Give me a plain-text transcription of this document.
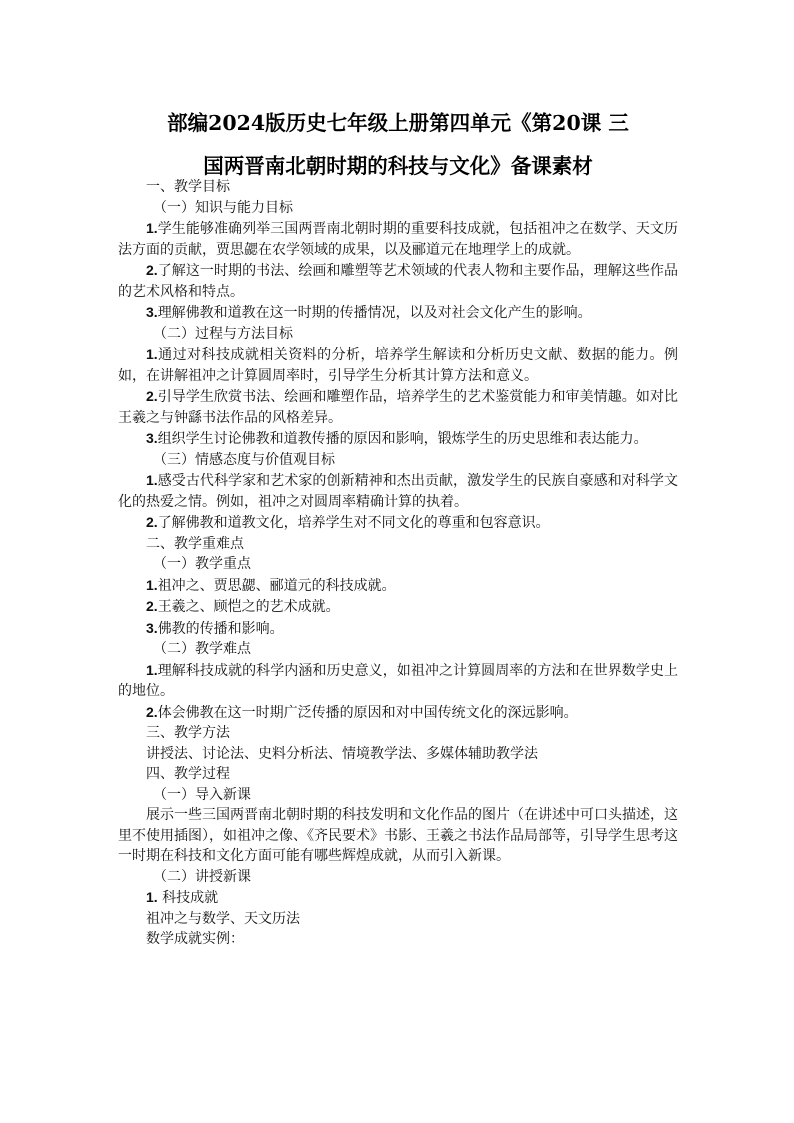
部编2024版历史七年级上册第四单元《第20课 三
国两晋南北朝时期的科技与文化》备课素材

一、教学目标

（一）知识与能力目标

1.学生能够准确列举三国两晋南北朝时期的重要科技成就，包括祖冲之在数学、天文历法方面的贡献，贾思勰在农学领域的成果，以及郦道元在地理学上的成就。

2.了解这一时期的书法、绘画和雕塑等艺术领域的代表人物和主要作品，理解这些作品的艺术风格和特点。

3.理解佛教和道教在这一时期的传播情况，以及对社会文化产生的影响。

（二）过程与方法目标

1.通过对科技成就相关资料的分析，培养学生解读和分析历史文献、数据的能力。例如，在讲解祖冲之计算圆周率时，引导学生分析其计算方法和意义。

2.引导学生欣赏书法、绘画和雕塑作品，培养学生的艺术鉴赏能力和审美情趣。如对比王羲之与钟繇书法作品的风格差异。

3.组织学生讨论佛教和道教传播的原因和影响，锻炼学生的历史思维和表达能力。

（三）情感态度与价值观目标

1.感受古代科学家和艺术家的创新精神和杰出贡献，激发学生的民族自豪感和对科学文化的热爱之情。例如，祖冲之对圆周率精确计算的执着。

2.了解佛教和道教文化，培养学生对不同文化的尊重和包容意识。

二、教学重难点

（一）教学重点

1.祖冲之、贾思勰、郦道元的科技成就。

2.王羲之、顾恺之的艺术成就。

3.佛教的传播和影响。

（二）教学难点

1.理解科技成就的科学内涵和历史意义，如祖冲之计算圆周率的方法和在世界数学史上的地位。

2.体会佛教在这一时期广泛传播的原因和对中国传统文化的深远影响。

三、教学方法

讲授法、讨论法、史料分析法、情境教学法、多媒体辅助教学法

四、教学过程

（一）导入新课

展示一些三国两晋南北朝时期的科技发明和文化作品的图片（在讲述中可口头描述，这里不使用插图），如祖冲之像、《齐民要术》书影、王羲之书法作品局部等，引导学生思考这一时期在科技和文化方面可能有哪些辉煌成就，从而引入新课。

（二）讲授新课

1. 科技成就

祖冲之与数学、天文历法

数学成就实例：
